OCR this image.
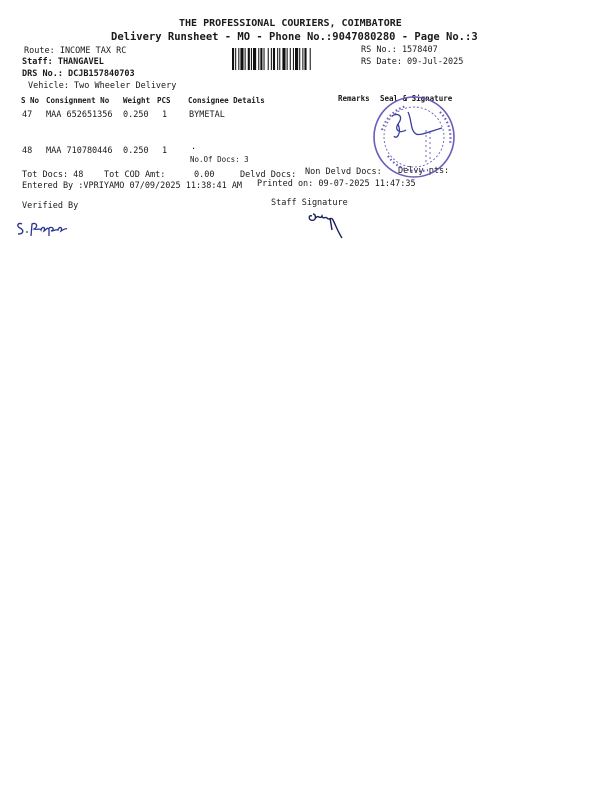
THE PROFESSIONAL COURIERS, COIMBATORE
Delivery Runsheet - MO - Phone No.:9047080280 - Page No.:3
Route: INCOME TAX RC
Staff: THANGAVEL
DRS No.: DCJB157840703
Vehicle: Two Wheeler Delivery
RS No.: 1578407
RS Date: 09-Jul-2025
S No Consignment No Weight PCS Consignee Details	Remarks Seal & Signature
47 MAA 652651356 0.250 1	BYMETAL
48 MAA 710780446 0.250 1	.
No.Of Docs: 3
Tot Docs: 48 Tot COD Amt:	0.00	Delvd Docs: Non Delvd Docs: Delvy pts:
Entered By :VPRIYAMO 07/09/2025 11:38:41 AM Printed on: 09-07-2025 11:47:35
Verified By	Staff Signature
